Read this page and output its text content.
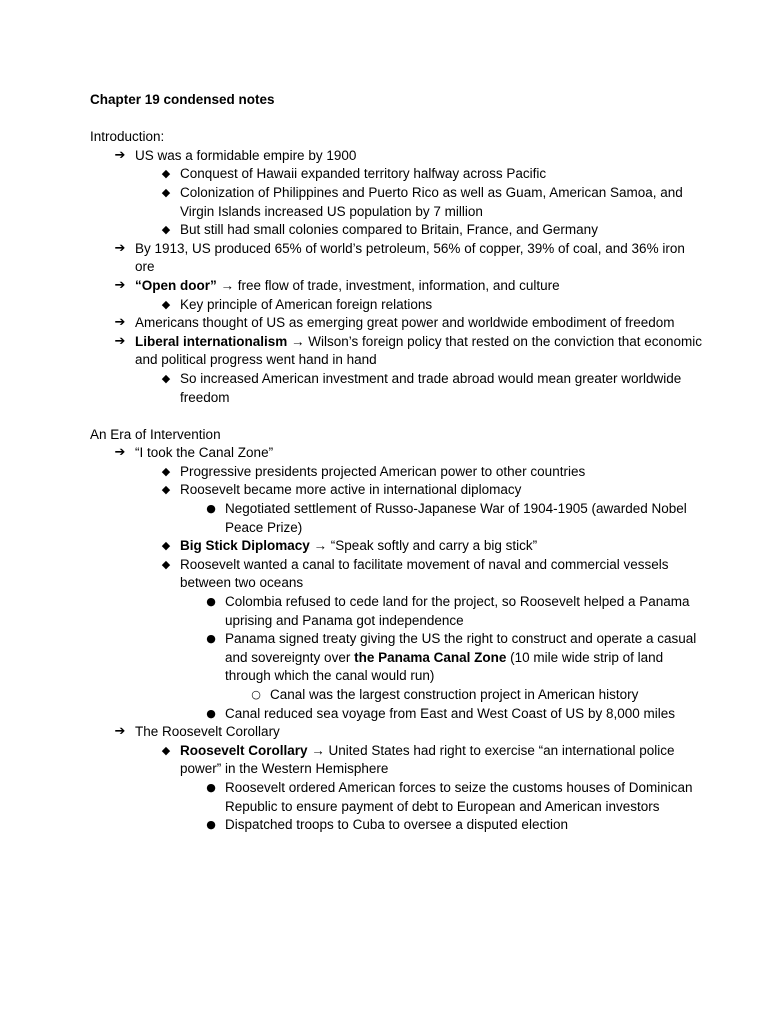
Chapter 19 condensed notes
Introduction:
➔ US was a formidable empire by 1900
◆ Conquest of Hawaii expanded territory halfway across Pacific
◆ Colonization of Philippines and Puerto Rico as well as Guam, American Samoa, and Virgin Islands increased US population by 7 million
◆ But still had small colonies compared to Britain, France, and Germany
➔ By 1913, US produced 65% of world’s petroleum, 56% of copper, 39% of coal, and 36% iron ore
➔ “Open door” → free flow of trade, investment, information, and culture
◆ Key principle of American foreign relations
➔ Americans thought of US as emerging great power and worldwide embodiment of freedom
➔ Liberal internationalism → Wilson’s foreign policy that rested on the conviction that economic and political progress went hand in hand
◆ So increased American investment and trade abroad would mean greater worldwide freedom
An Era of Intervention
➔ “I took the Canal Zone”
◆ Progressive presidents projected American power to other countries
◆ Roosevelt became more active in international diplomacy
● Negotiated settlement of Russo-Japanese War of 1904-1905 (awarded Nobel Peace Prize)
◆ Big Stick Diplomacy → “Speak softly and carry a big stick”
◆ Roosevelt wanted a canal to facilitate movement of naval and commercial vessels between two oceans
● Colombia refused to cede land for the project, so Roosevelt helped a Panama uprising and Panama got independence
● Panama signed treaty giving the US the right to construct and operate a casual and sovereignty over the Panama Canal Zone (10 mile wide strip of land through which the canal would run)
○ Canal was the largest construction project in American history
● Canal reduced sea voyage from East and West Coast of US by 8,000 miles
➔ The Roosevelt Corollary
◆ Roosevelt Corollary → United States had right to exercise “an international police power” in the Western Hemisphere
● Roosevelt ordered American forces to seize the customs houses of Dominican Republic to ensure payment of debt to European and American investors
● Dispatched troops to Cuba to oversee a disputed election
